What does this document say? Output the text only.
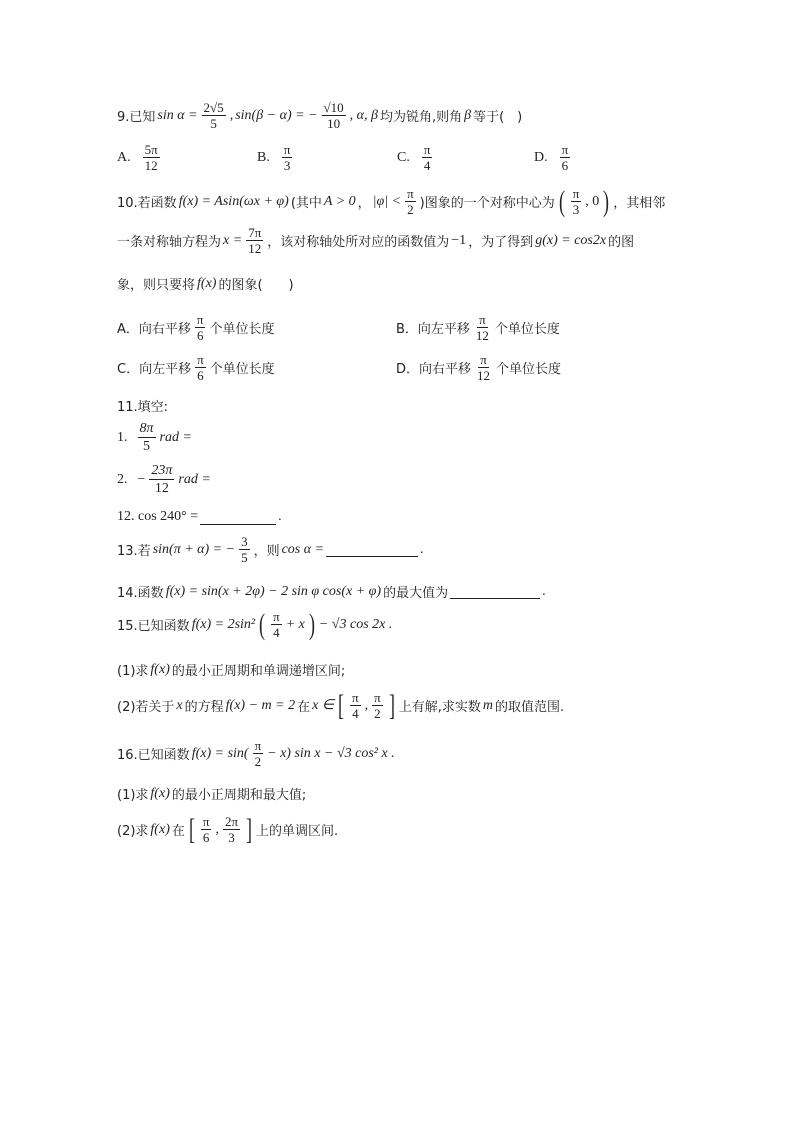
9.已知 $\sin \alpha = \frac{2√5}{5}$ , sin(β − α) = − $\frac{√10}{10}$ , α, β 均为锐角,则角 β 等于(　)
A. $\frac{5\pi}{12}$	B. $\frac{\pi}{3}$	C. $\frac{\pi}{4}$	D. $\frac{\pi}{6}$
10.若函数 f(x) = Asin(ωx + φ) (其中 A > 0 ， $|\varphi| < \frac{\pi}{2}$ )图象的一个对称中心为 ( $\frac{\pi}{3}$ , 0 ) ，其相邻
一条对称轴方程为 $x = \frac{7\pi}{12}$ ，该对称轴处所对应的函数值为 −1 ，为了得到 g(x) = cos2x 的图
象，则只要将 f(x) 的图象(　　)
A．向右平移 $\frac{\pi}{6}$ 个单位长度	B．向左平移 $\frac{\pi}{12}$ 个单位长度
C．向左平移 $\frac{\pi}{6}$ 个单位长度	D．向右平移 $\frac{\pi}{12}$ 个单位长度
11.填空:
1. $\frac{8\pi}{5}$ rad =
2. − $\frac{23\pi}{12}$ rad =
12. cos 240° =	.
13.若 sin(π + α) = − $\frac{3}{5}$ ，则 cos α =	.
14.函数 f(x) = sin(x + 2φ) − 2 sin φ cos(x + φ) 的最大值为	.
15.已知函数 f(x) = 2sin² ( $\frac{\pi}{4} + x$ ) − √3 cos 2x .
(1)求 f(x) 的最小正周期和单调递增区间;
(2)若关于 x 的方程 f(x) − m = 2 在 x ∈ [ $\frac{\pi}{4}$ , $\frac{\pi}{2}$ ] 上有解,求实数 m 的取值范围.
16.已知函数 $f(x) = \sin( \frac{\pi}{2} - x)$ sin x − √3 cos² x .
(1)求 f(x) 的最小正周期和最大值;
(2)求 f(x) 在 [ $\frac{\pi}{6}$ , $\frac{2\pi}{3}$ ] 上的单调区间.
